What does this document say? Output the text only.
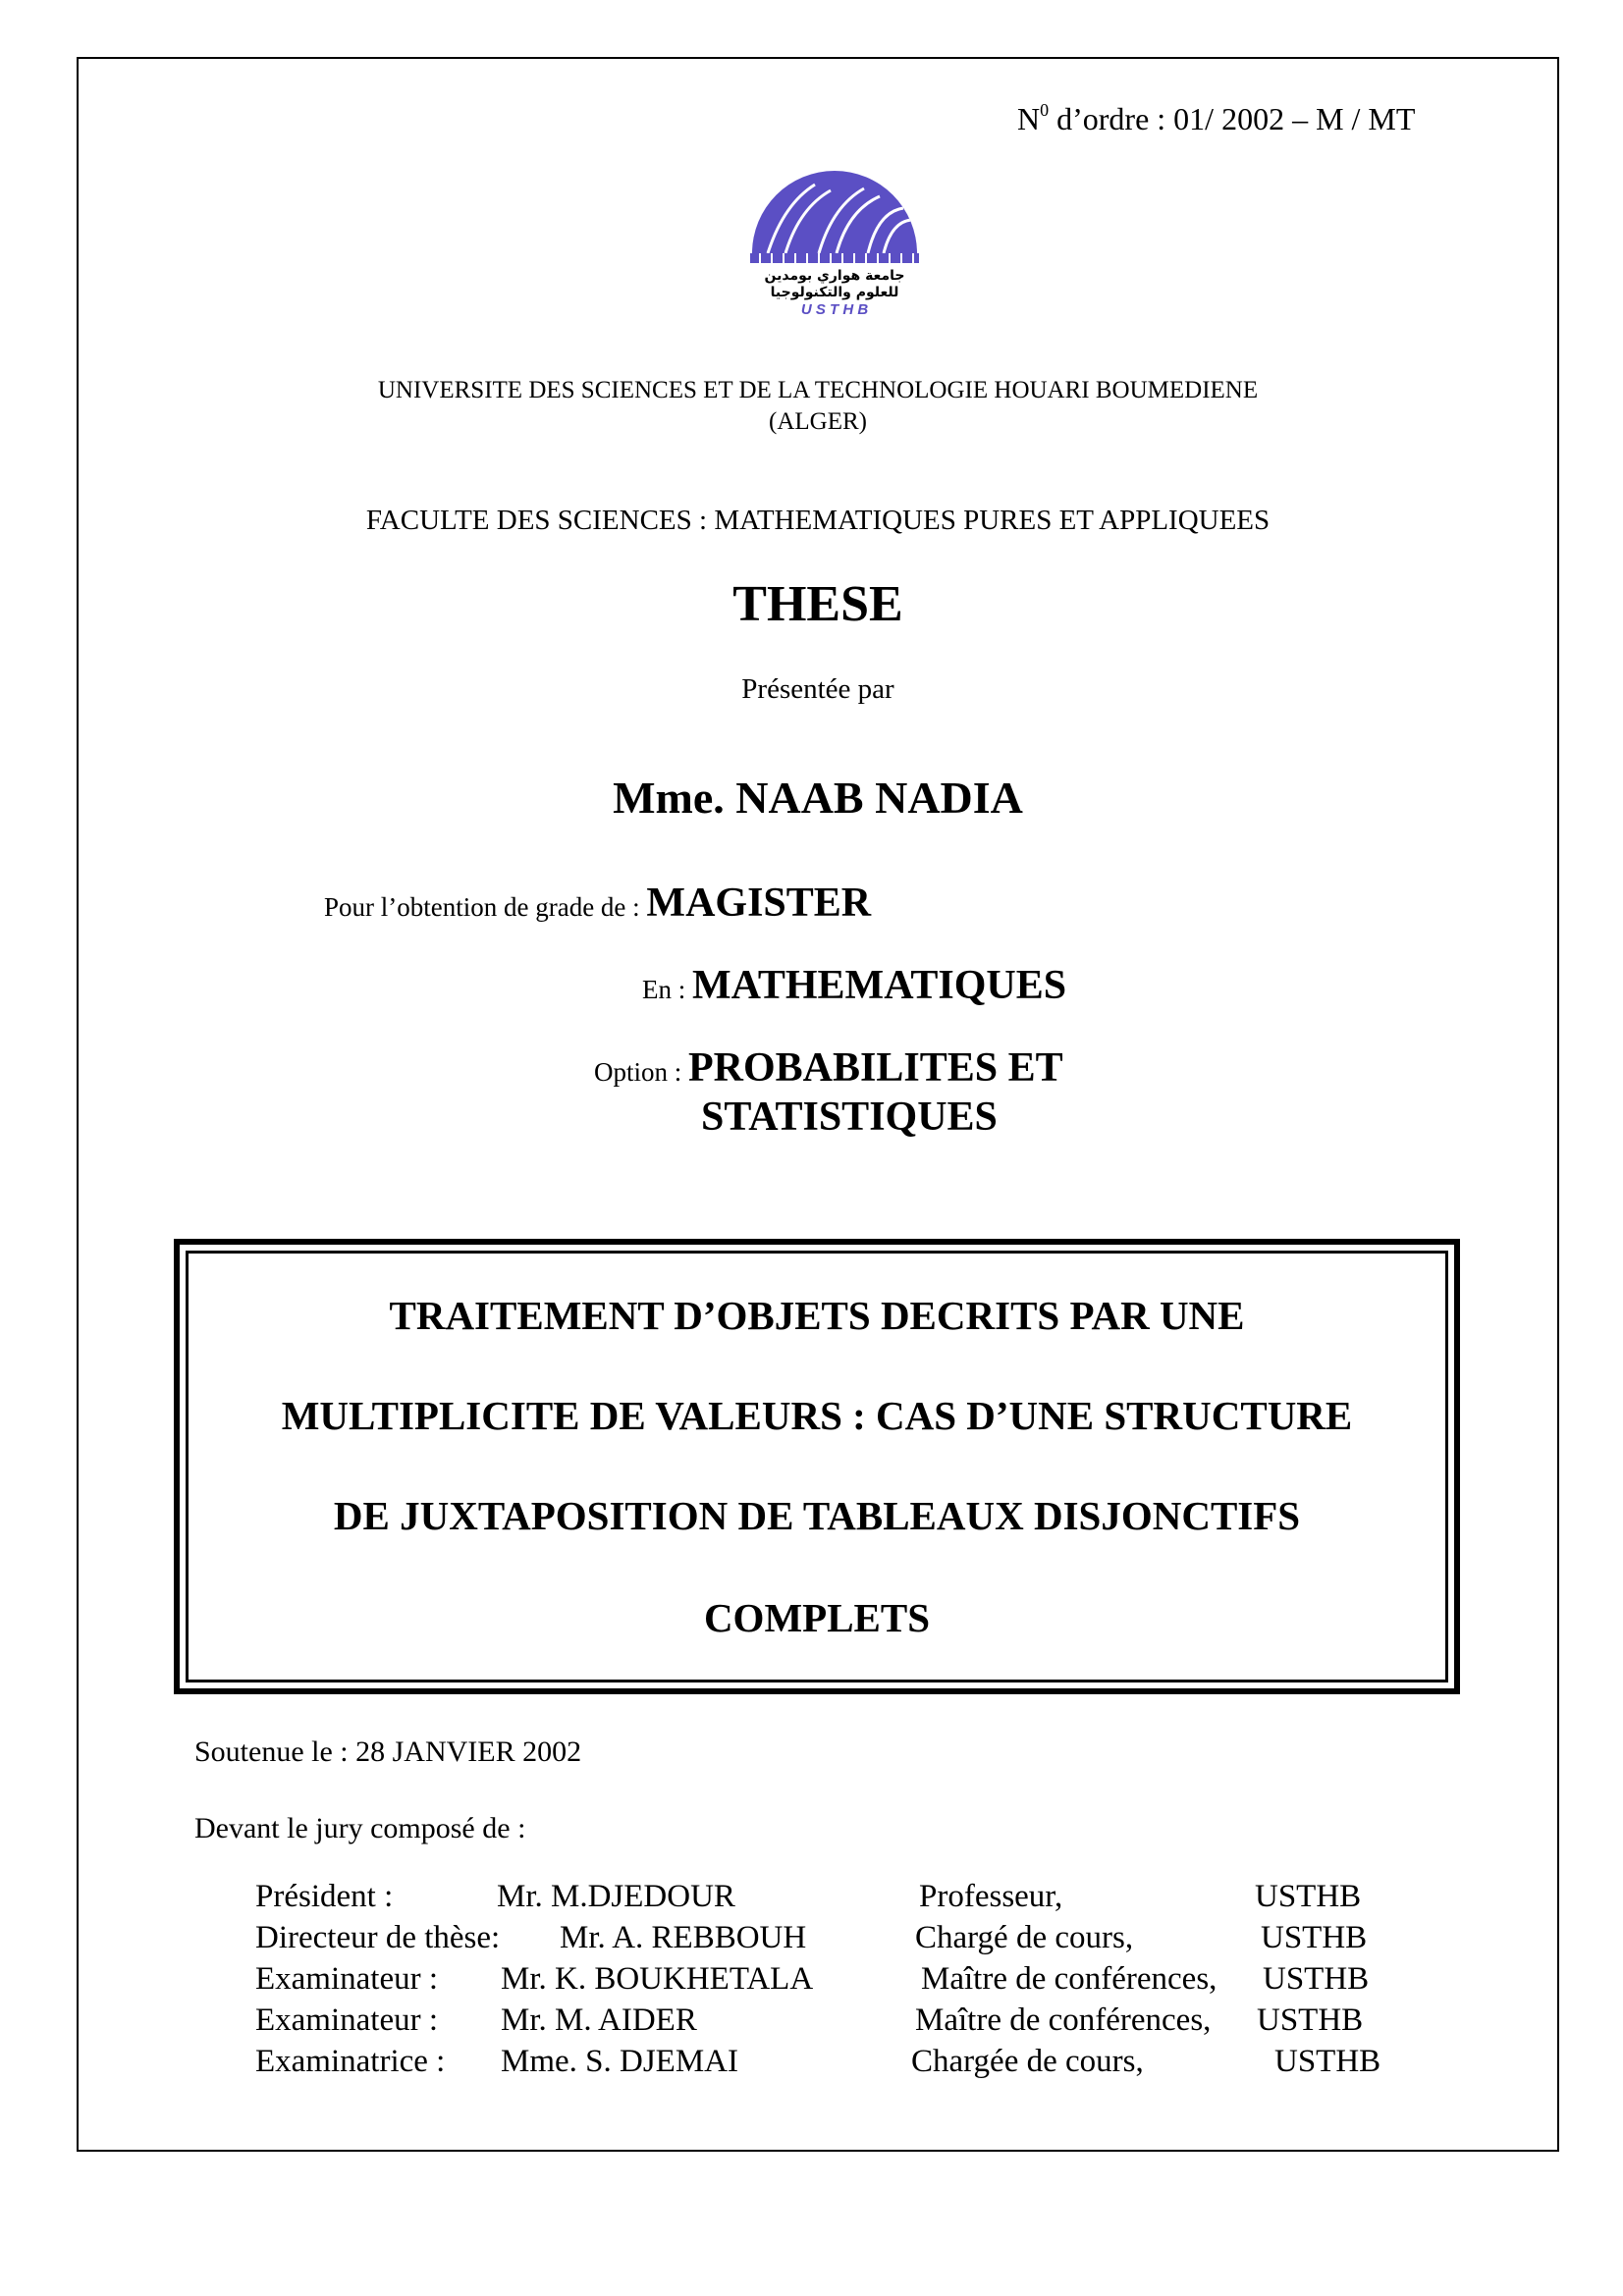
$N^0$ d’ordre : 01/ 2002 – M / MT
جامعة هواري بومدين
للعلوم والتكنولوجيا
U S T H B
UNIVERSITE DES SCIENCES ET DE LA TECHNOLOGIE HOUARI BOUMEDIENE
(ALGER)
FACULTE DES SCIENCES : MATHEMATIQUES PURES ET APPLIQUEES
THESE
Présentée par
Mme. NAAB NADIA
Pour l’obtention de grade de : MAGISTER
En : MATHEMATIQUES
Option : PROBABILITES ET
STATISTIQUES
TRAITEMENT D’OBJETS DECRITS PAR UNE
MULTIPLICITE DE VALEURS : CAS D’UNE STRUCTURE
DE JUXTAPOSITION DE TABLEAUX DISJONCTIFS
COMPLETS
Soutenue le : 28 JANVIER 2002
Devant le jury composé de :
Président :	Mr. M.DJEDOUR	Professeur,	USTHB
Directeur de thèse: Mr. A. REBBOUH	Chargé de cours,	USTHB
Examinateur : Mr. K. BOUKHETALA	Maître de conférences, USTHB
Examinateur : Mr. M. AIDER	Maître de conférences, USTHB
Examinatrice : Mme. S. DJEMAI	Chargée de cours,	USTHB
